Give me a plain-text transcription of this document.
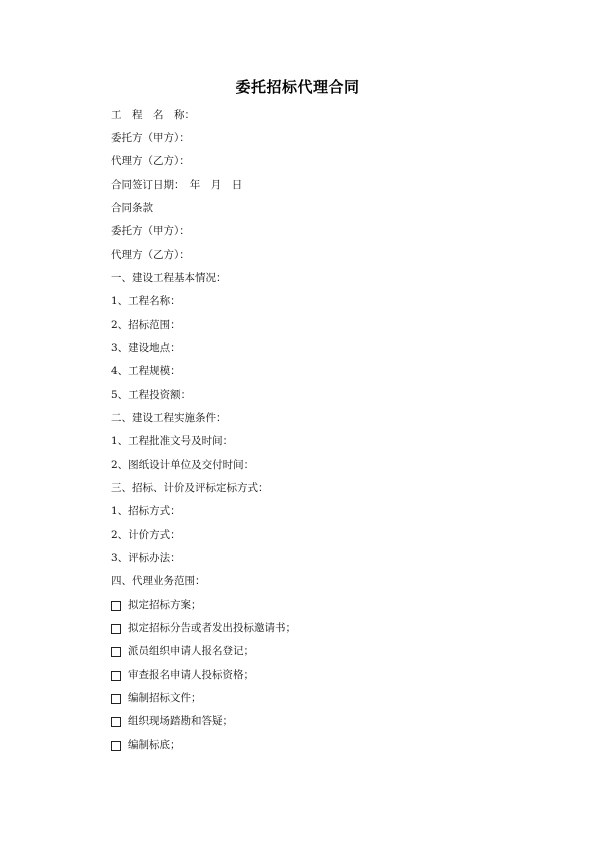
委托招标代理合同
工　程　名　称：
委托方（甲方）：
代理方（乙方）：
合同签订日期：　年　月　日
合同条款
委托方（甲方）：
代理方（乙方）：
一、建设工程基本情况：
1、工程名称：
2、招标范围：
3、建设地点：
4、工程规模：
5、工程投资额：
二、建设工程实施条件：
1、工程批准文号及时间：
2、图纸设计单位及交付时间：
三、招标、计价及评标定标方式：
1、招标方式：
2、计价方式：
3、评标办法：
四、代理业务范围：
拟定招标方案；
拟定招标分告或者发出投标邀请书；
派员组织申请人报名登记；
审查报名申请人投标资格；
编制招标文件；
组织现场踏勘和答疑；
编制标底；
